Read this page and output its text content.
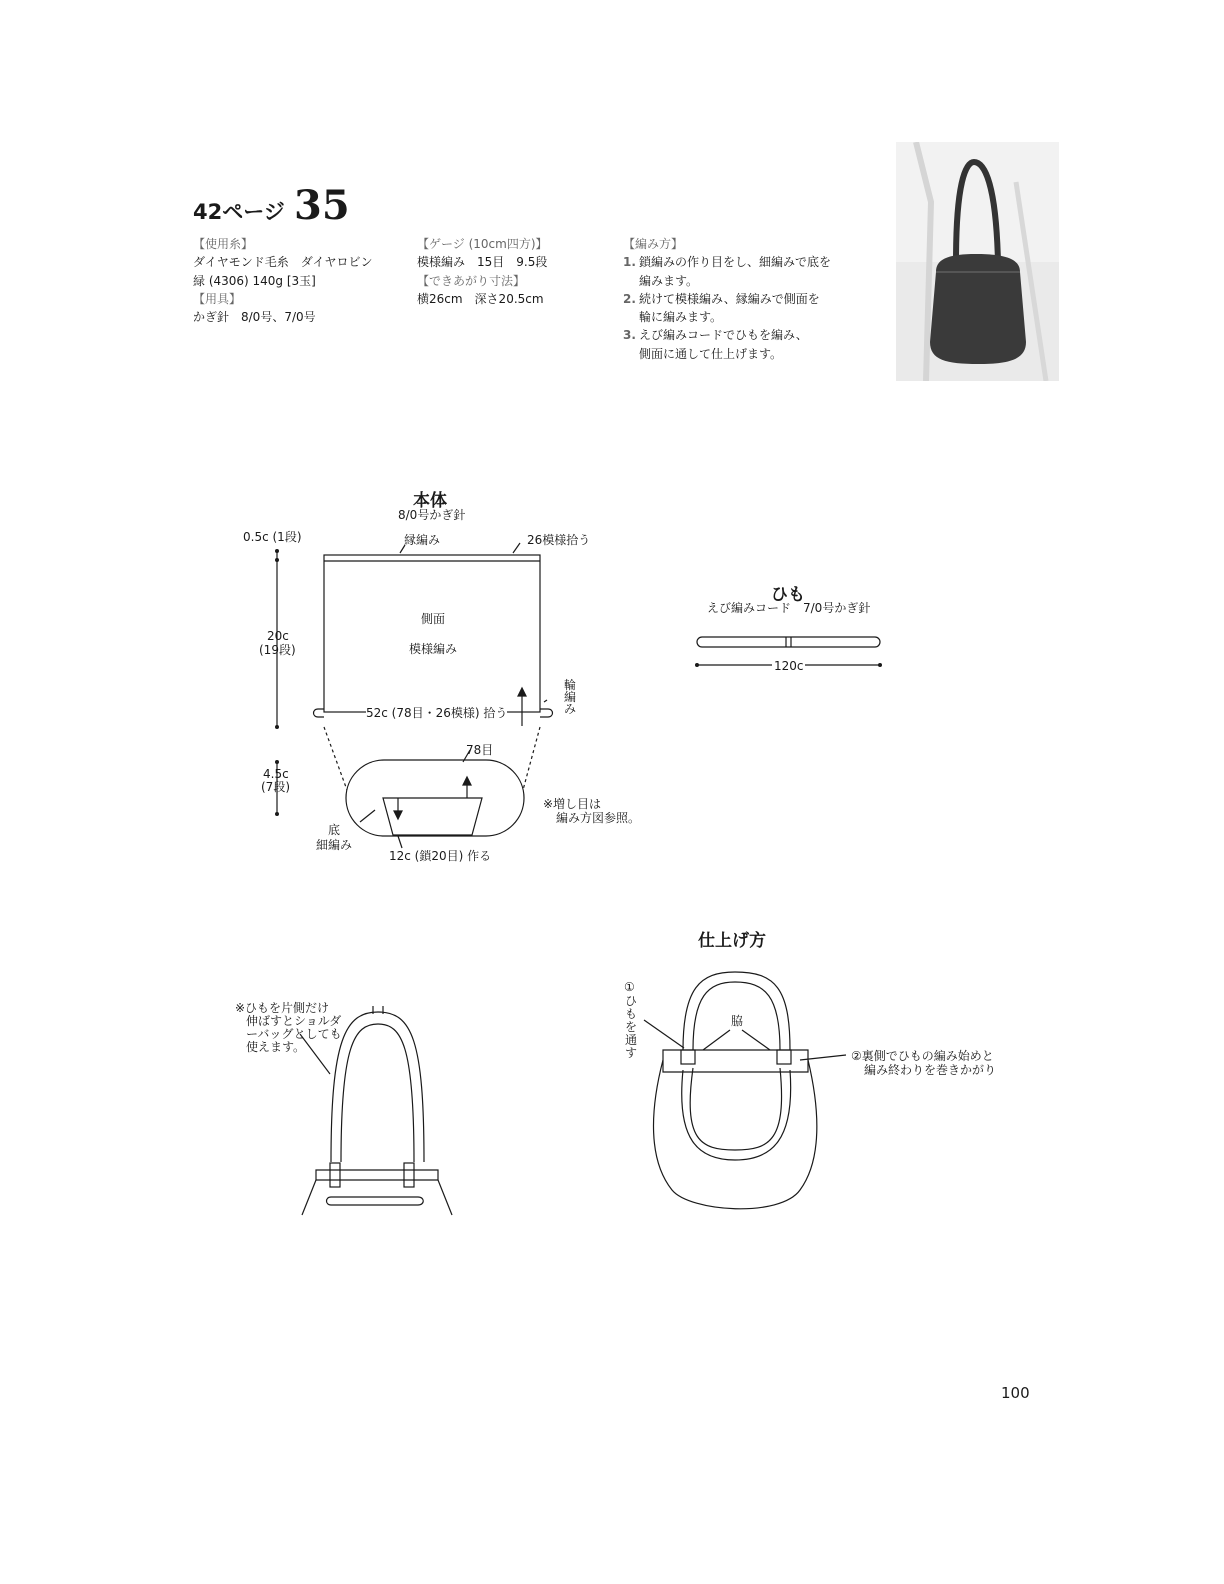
42ページ 35
【使用糸】
ダイヤモンド毛糸　ダイヤロビン
緑 (4306) 140g [3玉]
【用具】
かぎ針　8/0号、7/0号
【ゲージ (10cm四方)】
模様編み　15目　9.5段
【できあがり寸法】
横26cm　深さ20.5cm
【編み方】
1. 鎖編みの作り目をし、細編みで底を
編みます。
2. 続けて模様編み、縁編みで側面を
輪に編みます。
3. えび編みコードでひもを編み、
側面に通して仕上げます。
本体
8/0号かぎ針
縁編み	26模様拾う
0.5c (1段)
20c
(19段)
側面
模様編み
輪
編
み
52c (78目・26模様) 拾う
78目
4.5c
(7段)
※増し目は
編み方図参照。
底
細編み
12c (鎖20目) 作る
ひも
えび編みコード　7/0号かぎ針
120c
仕上げ方
※ひもを片側だけ
伸ばすとショルダ
ーバッグとしても
使えます。
①
ひ
も
を
通
す
脇
②裏側でひもの編み始めと
編み終わりを巻きかがり
100
